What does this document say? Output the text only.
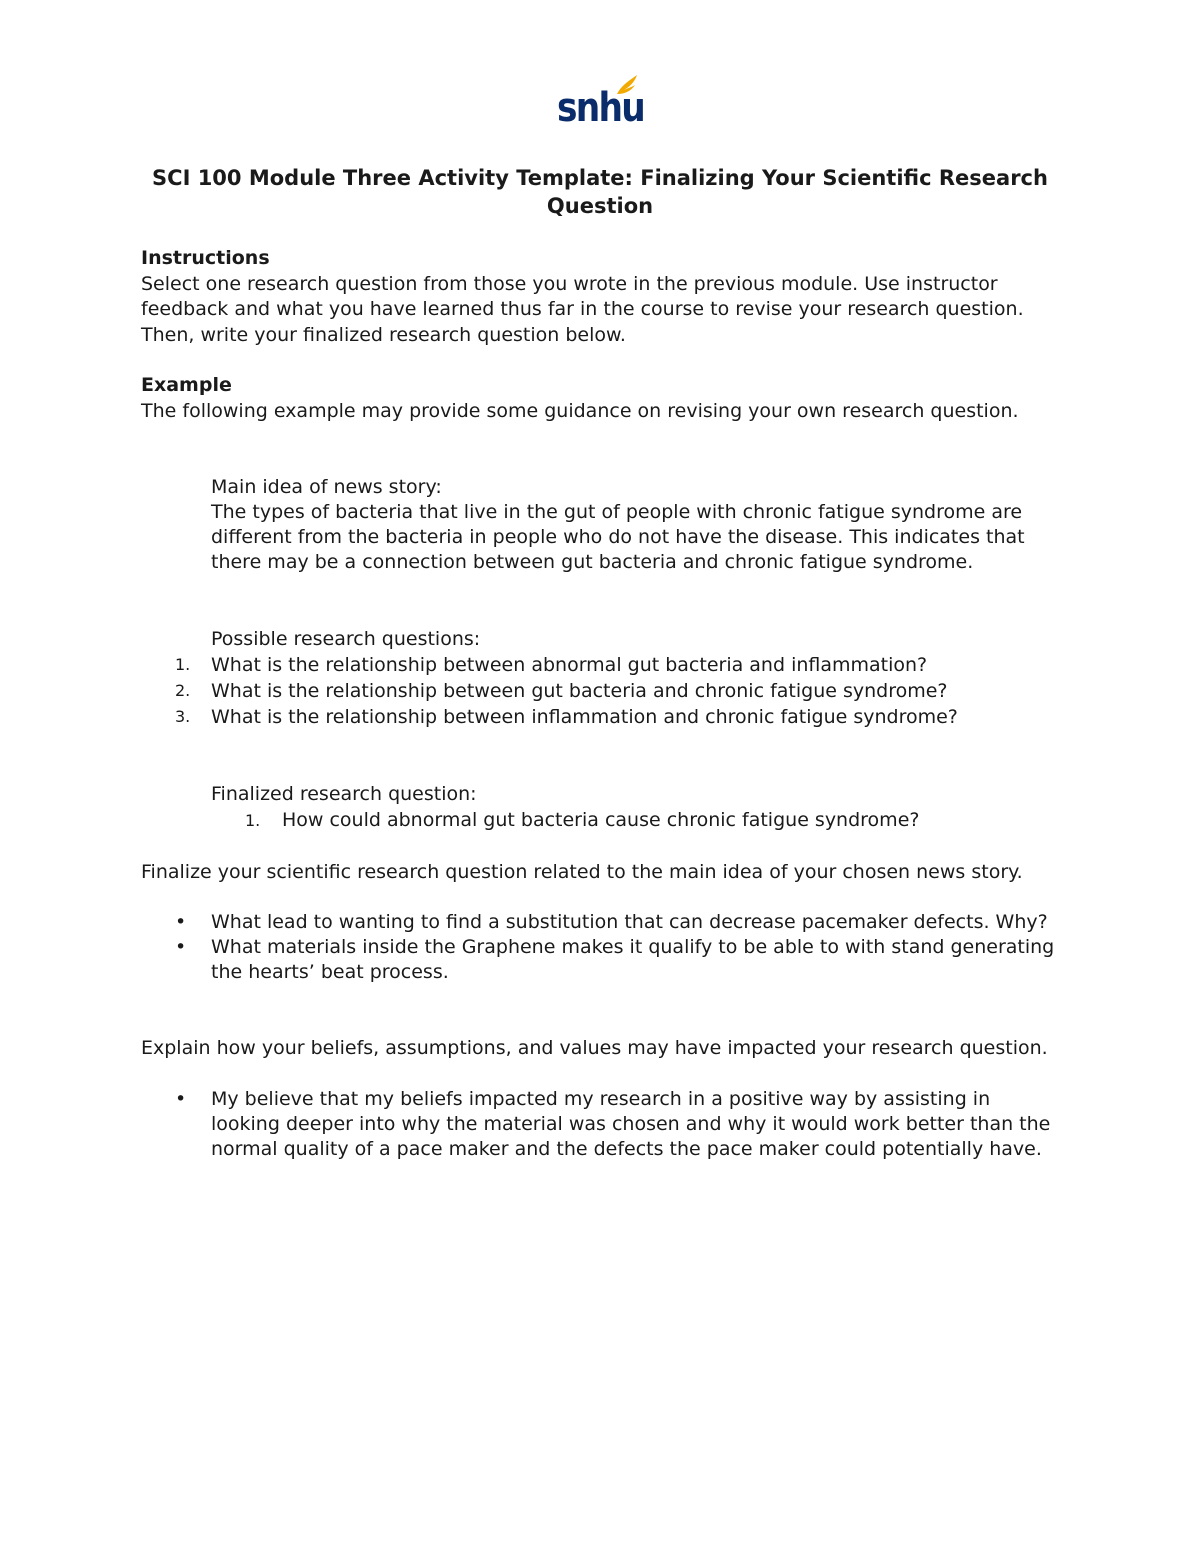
snhu
SCI 100 Module Three Activity Template: Finalizing Your Scientific Research Question
Instructions
Select one research question from those you wrote in the previous module. Use instructor feedback and what you have learned thus far in the course to revise your research question. Then, write your finalized research question below.
Example
The following example may provide some guidance on revising your own research question.

Main idea of news story:

The types of bacteria that live in the gut of people with chronic fatigue syndrome are different from the bacteria in people who do not have the disease. This indicates that there may be a connection between gut bacteria and chronic fatigue syndrome.

Possible research questions:

1. What is the relationship between abnormal gut bacteria and inflammation?
2. What is the relationship between gut bacteria and chronic fatigue syndrome?
3. What is the relationship between inflammation and chronic fatigue syndrome?

Finalized research question:

1.	How could abnormal gut bacteria cause chronic fatigue syndrome?

Finalize your scientific research question related to the main idea of your chosen news story.

• What lead to wanting to find a substitution that can decrease pacemaker defects. Why?
• What materials inside the Graphene makes it qualify to be able to with stand generating the hearts’ beat process.

Explain how your beliefs, assumptions, and values may have impacted your research question.

• My believe that my beliefs impacted my research in a positive way by assisting in looking deeper into why the material was chosen and why it would work better than the normal quality of a pace maker and the defects the pace maker could potentially have.
